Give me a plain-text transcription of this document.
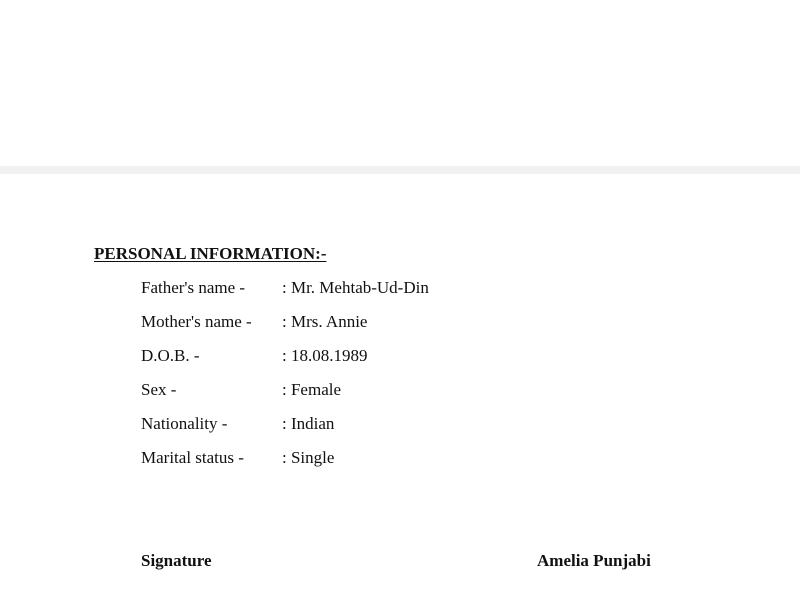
PERSONAL INFORMATION:-
Father's name - : Mr. Mehtab-Ud-Din
Mother's name - : Mrs. Annie
D.O.B. -	: 18.08.1989
Sex -	: Female
Nationality -	: Indian
Marital status - : Single
Signature	Amelia Punjabi
